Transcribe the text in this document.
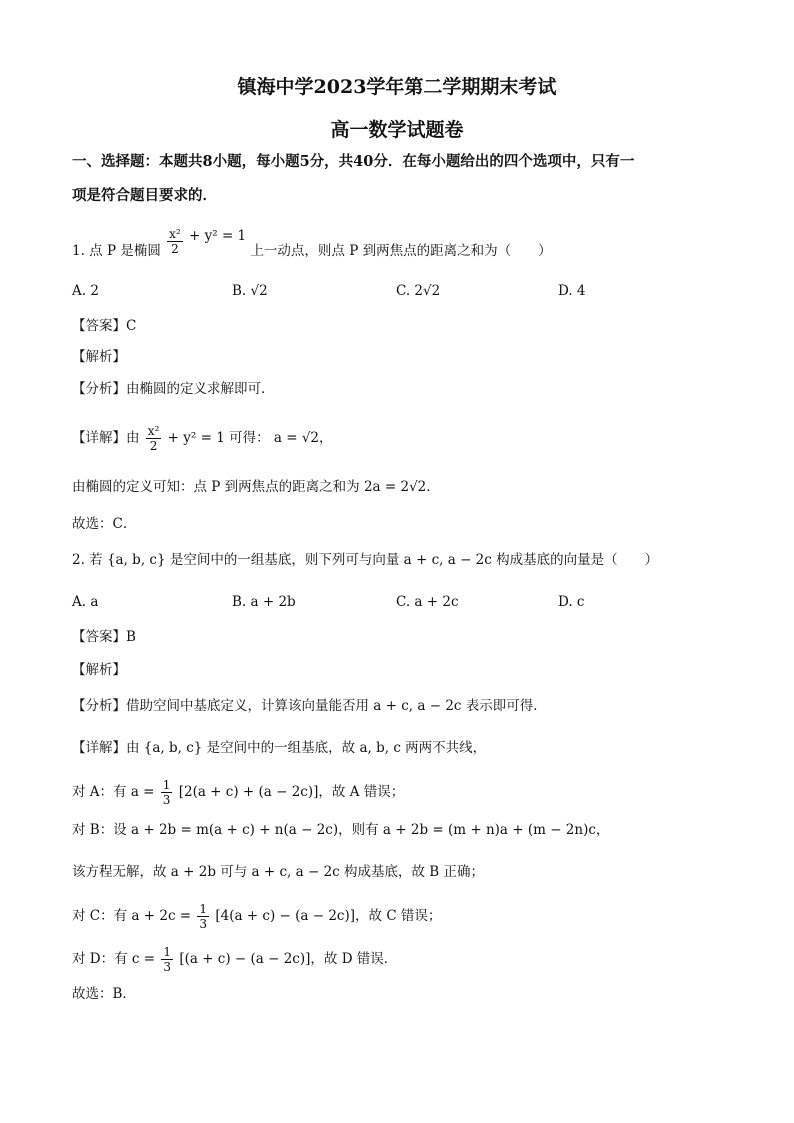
镇海中学2023学年第二学期期末考试
高一数学试题卷
一、选择题：本题共8小题，每小题5分，共40分．在每小题给出的四个选项中，只有一
项是符合题目要求的．
1. 点 P 是椭圆 $\frac{\text{x²}}{2} + y^2 = 1$ 上一动点，则点 P 到两焦点的距离之和为（　　）
A. 2	B. √2	C. 2√2	D. 4
【答案】C
【解析】
【分析】由椭圆的定义求解即可．
【详解】由 $\frac{\text{x²}}{2} + y^2 = 1$ 可得： a = √2，
由椭圆的定义可知：点 P 到两焦点的距离之和为 2a = 2√2．
故选：C．
2. 若 {a, b, c} 是空间中的一组基底，则下列可与向量 a + c, a − 2c 构成基底的向量是（　　）
A. a	B. a + 2b	C. a + 2c	D. c
【答案】B
【解析】
【分析】借助空间中基底定义，计算该向量能否用 a + c, a − 2c 表示即可得．
【详解】由 {a, b, c} 是空间中的一组基底，故 a, b, c 两两不共线，
对 A：有 $a = \frac{1}{3} [2(a + c) + (a - 2c)]$，故 A 错误；
对 B：设 a + 2b = m(a + c) + n(a − 2c)，则有 a + 2b = (m + n)a + (m − 2n)c，
该方程无解，故 a + 2b 可与 a + c, a − 2c 构成基底，故 B 正确；
对 C：有 $a + 2c = \frac{1}{3} [4(a + c) - (a - 2c)]$，故 C 错误；
对 D：有 $c = \frac{1}{3} [(a + c) - (a - 2c)]$，故 D 错误．
故选：B．
